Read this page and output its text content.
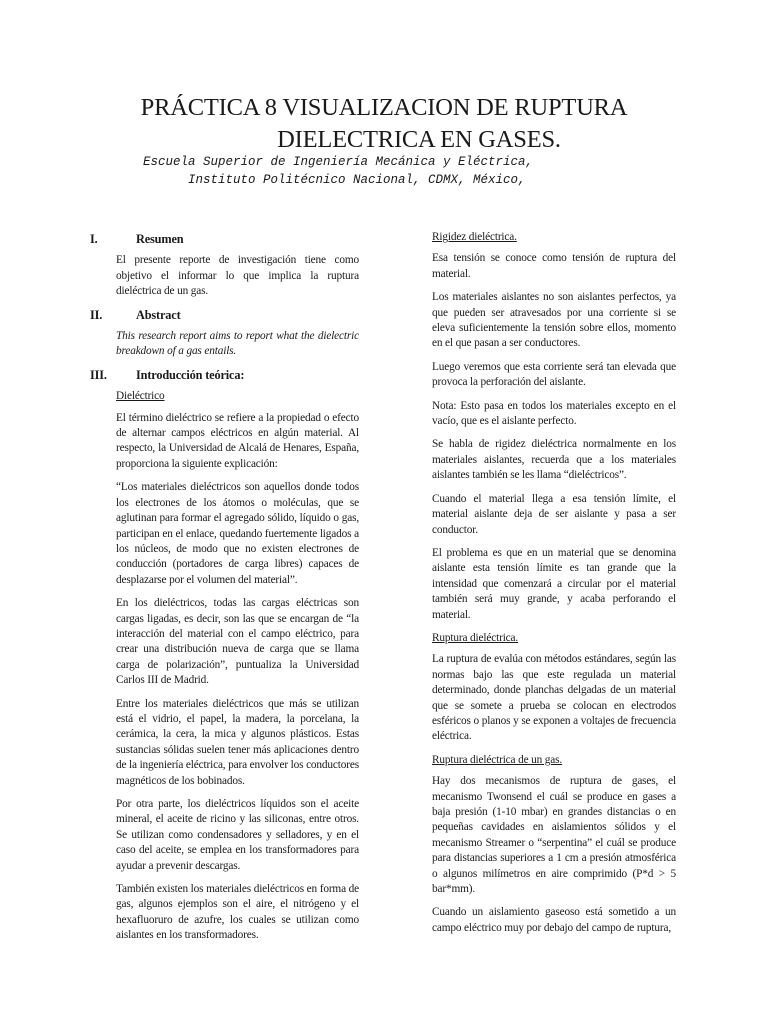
PRÁCTICA 8 VISUALIZACION DE RUPTURA

DIELECTRICA EN GASES.
Escuela Superior de Ingeniería Mecánica y Eléctrica,
Instituto Politécnico Nacional, CDMX, México,
I.	Resumen

El presente reporte de investigación tiene como objetivo el informar lo que implica la ruptura dieléctrica de un gas.

II.	Abstract

This research report aims to report what the dielectric breakdown of a gas entails.

III.	Introducción teórica:
Dieléctrico

El término dieléctrico se refiere a la propiedad o efecto de alternar campos eléctricos en algún material. Al respecto, la Universidad de Alcalá de Henares, España, proporciona la siguiente explicación:

“Los materiales dieléctricos son aquellos donde todos los electrones de los átomos o moléculas, que se aglutinan para formar el agregado sólido, líquido o gas, participan en el enlace, quedando fuertemente ligados a los núcleos, de modo que no existen electrones de conducción (portadores de carga libres) capaces de desplazarse por el volumen del material”.

En los dieléctricos, todas las cargas eléctricas son cargas ligadas, es decir, son las que se encargan de “la interacción del material con el campo eléctrico, para crear una distribución nueva de carga que se llama carga de polarización”, puntualiza la Universidad Carlos III de Madrid.

Entre los materiales dieléctricos que más se utilizan está el vidrio, el papel, la madera, la porcelana, la cerámica, la cera, la mica y algunos plásticos. Estas sustancias sólidas suelen tener más aplicaciones dentro de la ingeniería eléctrica, para envolver los conductores magnéticos de los bobinados.

Por otra parte, los dieléctricos líquidos son el aceite mineral, el aceite de ricino y las siliconas, entre otros. Se utilizan como condensadores y selladores, y en el caso del aceite, se emplea en los transformadores para ayudar a prevenir descargas.

También existen los materiales dieléctricos en forma de gas, algunos ejemplos son el aire, el nitrógeno y el hexafluoruro de azufre, los cuales se utilizan como aislantes en los transformadores.

Rigidez dieléctrica.

Esa tensión se conoce como tensión de ruptura del material.

Los materiales aislantes no son aislantes perfectos, ya que pueden ser atravesados por una corriente si se eleva suficientemente la tensión sobre ellos, momento en el que pasan a ser conductores.

Luego veremos que esta corriente será tan elevada que provoca la perforación del aislante.

Nota: Esto pasa en todos los materiales excepto en el vacío, que es el aislante perfecto.

Se habla de rigidez dieléctrica normalmente en los materiales aislantes, recuerda que a los materiales aislantes también se les llama “dieléctricos”.

Cuando el material llega a esa tensión límite, el material aislante deja de ser aislante y pasa a ser conductor.

El problema es que en un material que se denomina aislante esta tensión límite es tan grande que la intensidad que comenzará a circular por el material también será muy grande, y acaba perforando el material.

Ruptura dieléctrica.

La ruptura de evalúa con métodos estándares, según las normas bajo las que este regulada un material determinado, donde planchas delgadas de un material que se somete a prueba se colocan en electrodos esféricos o planos y se exponen a voltajes de frecuencia eléctrica.

Ruptura dieléctrica de un gas.

Hay dos mecanismos de ruptura de gases, el mecanismo Twonsend el cuál se produce en gases a baja presión (1-10 mbar) en grandes distancias o en pequeñas cavidades en aislamientos sólidos y el mecanismo Streamer o “serpentina” el cuál se produce para distancias superiores a 1 cm a presión atmosférica o algunos milímetros en aire comprimido (P*d > 5 bar*mm).

Cuando un aislamiento gaseoso está sometido a un campo eléctrico muy por debajo del campo de ruptura,
